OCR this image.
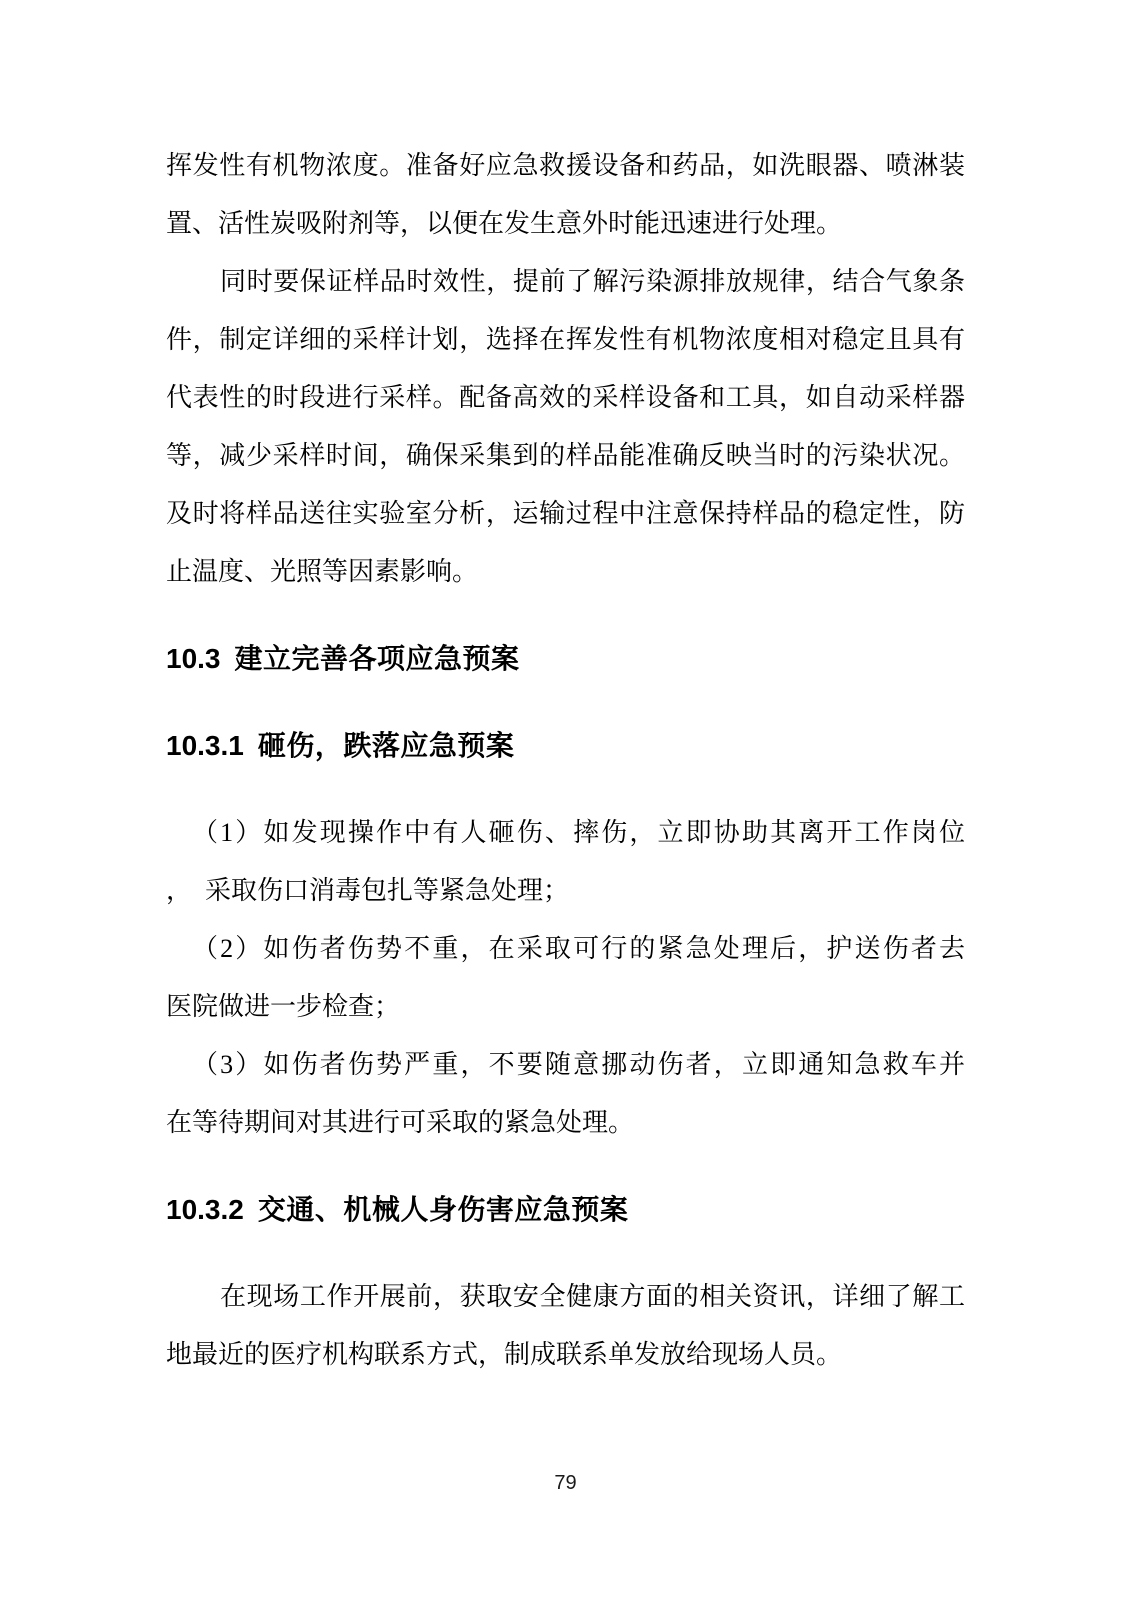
挥发性有机物浓度。准备好应急救援设备和药品，如洗眼器、喷淋装
置、活性炭吸附剂等，以便在发生意外时能迅速进行处理。
同时要保证样品时效性，提前了解污染源排放规律，结合气象条
件，制定详细的采样计划，选择在挥发性有机物浓度相对稳定且具有
代表性的时段进行采样。配备高效的采样设备和工具，如自动采样器
等，减少采样时间，确保采集到的样品能准确反映当时的污染状况。
及时将样品送往实验室分析，运输过程中注意保持样品的稳定性，防
止温度、光照等因素影响。
10.3 建立完善各项应急预案
10.3.1 砸伤，跌落应急预案
（1）如发现操作中有人砸伤、摔伤，立即协助其离开工作岗位
， 采取伤口消毒包扎等紧急处理；
（2）如伤者伤势不重，在采取可行的紧急处理后，护送伤者去
医院做进一步检查；
（3）如伤者伤势严重，不要随意挪动伤者，立即通知急救车并
在等待期间对其进行可采取的紧急处理。
10.3.2 交通、机械人身伤害应急预案
在现场工作开展前，获取安全健康方面的相关资讯，详细了解工
地最近的医疗机构联系方式，制成联系单发放给现场人员。
79
